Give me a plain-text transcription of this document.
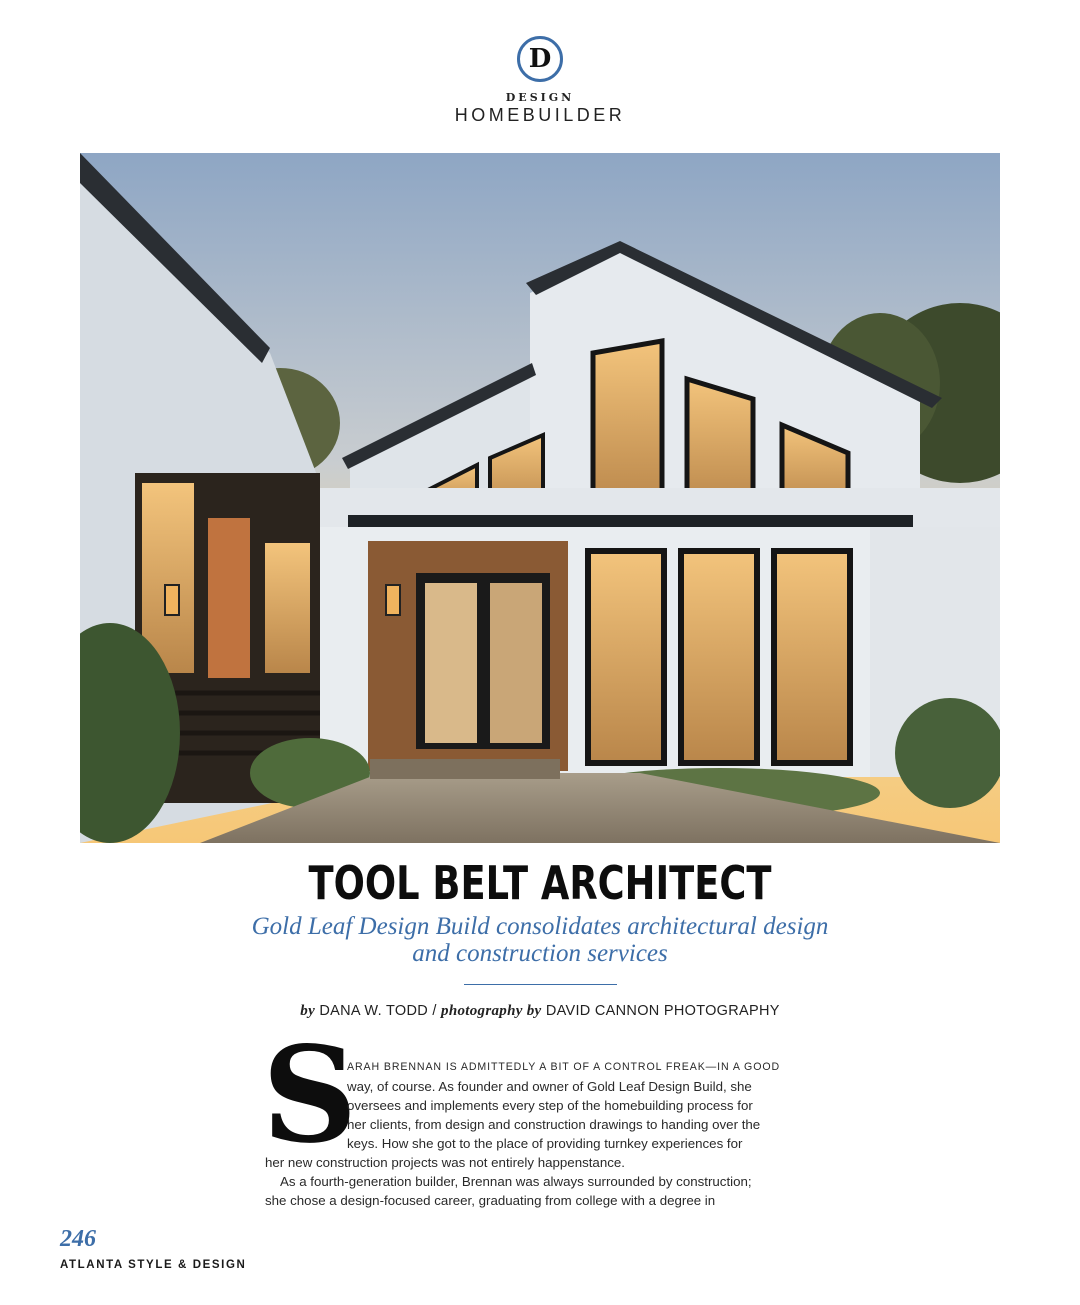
D
DESIGN
HOMEBUILDER
TOOL BELT ARCHITECT
Gold Leaf Design Build consolidates architectural design and construction services
by DANA W. TODD / photography by DAVID CANNON PHOTOGRAPHY
S
ARAH BRENNAN IS ADMITTEDLY A BIT OF A CONTROL FREAK—IN A GOOD
way, of course. As founder and owner of Gold Leaf Design Build, she
oversees and implements every step of the homebuilding process for
her clients, from design and construction drawings to handing over the
keys. How she got to the place of providing turnkey experiences for
her new construction projects was not entirely happenstance.
As a fourth-generation builder, Brennan was always surrounded by construction;
she chose a design-focused career, graduating from college with a degree in
246
ATLANTA STYLE & DESIGN
